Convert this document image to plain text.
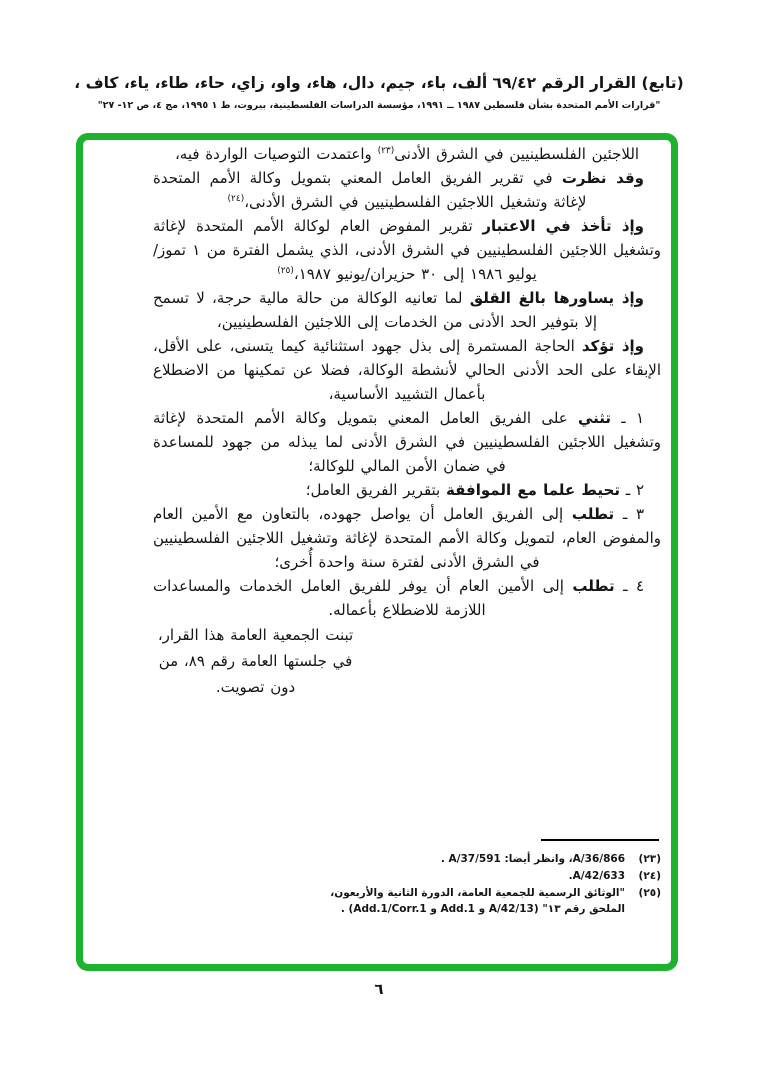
(تابع) القرار الرقم ٦٩/٤٢ ألف، باء، جيم، دال، هاء، واو، زاي، حاء، طاء، ياء، كاف ،
"قرارات الأمم المتحدة بشأن فلسطين ١٩٨٧ ــ ١٩٩١، مؤسسة الدراسات الفلسطينية، بيروت، ط ١ ١٩٩٥، مج ٤، ص ١٢- ٢٧"

اللاجئين الفلسطينيين في الشرق الأدنى$^{(٢٣)}$ واعتمدت التوصيات الواردة فيه،

وقد نظرت في تقرير الفريق العامل المعني بتمويل وكالة الأمم المتحدة لإغاثة وتشغيل اللاجئين الفلسطينيين في الشرق الأدنى،$^{(٢٤)}$

وإذ تأخذ في الاعتبار تقرير المفوض العام لوكالة الأمم المتحدة لإغاثة وتشغيل اللاجئين الفلسطينيين في الشرق الأدنى، الذي يشمل الفترة من ١ تموز/يوليو ١٩٨٦ إلى ٣٠ حزيران/يونيو ١٩٨٧،$^{(٢٥)}$

وإذ يساورها بالغ القلق لما تعانيه الوكالة من حالة مالية حرجة، لا تسمح إلا بتوفير الحد الأدنى من الخدمات إلى اللاجئين الفلسطينيين،

وإذ تؤكد الحاجة المستمرة إلى بذل جهود استثنائية كيما يتسنى، على الأقل، الإبقاء على الحد الأدنى الحالي لأنشطة الوكالة، فضلا عن تمكينها من الاضطلاع بأعمال التشييد الأساسية،

١ ـ تثني على الفريق العامل المعني بتمويل وكالة الأمم المتحدة لإغاثة وتشغيل اللاجئين الفلسطينيين في الشرق الأدنى لما يبذله من جهود للمساعدة في ضمان الأمن المالي للوكالة؛

٢ ـ تحيط علما مع الموافقة بتقرير الفريق العامل؛

٣ ـ تطلب إلى الفريق العامل أن يواصل جهوده، بالتعاون مع الأمين العام والمفوض العام، لتمويل وكالة الأمم المتحدة لإغاثة وتشغيل اللاجئين الفلسطينيين في الشرق الأدنى لفترة سنة واحدة أُخرى؛

٤ ـ تطلب إلى الأمين العام أن يوفر للفريق العامل الخدمات والمساعدات اللازمة للاضطلاع بأعماله.

تبنت الجمعية العامة هذا القرار، في جلستها العامة رقم ٨٩، من دون تصويت.

(٢٣)
A/36/866، وانظر أيضا: A/37/591 .
(٢٤)
A/42/633.
(٢٥)
"الوثائق الرسمية للجمعية العامة، الدورة الثانية والأربعون، الملحق رقم ١٣" (A/42/13 و Add.1 و Add.1/Corr.1) .
٦
